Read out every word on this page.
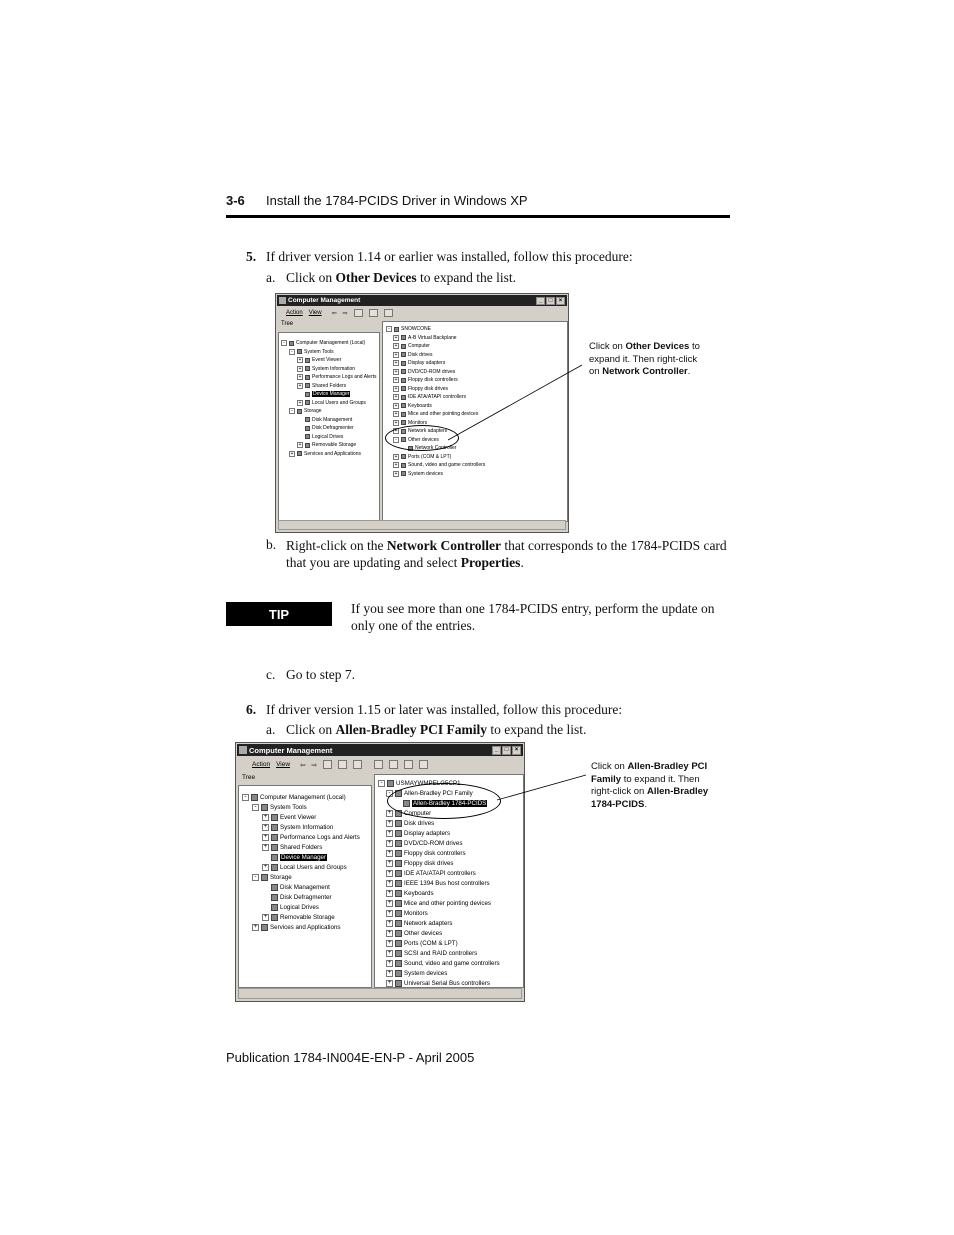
3-6 Install the 1784-PCIDS Driver in Windows XP
5. If driver version 1.14 or earlier was installed, follow this procedure:
a. Click on Other Devices to expand the list.
Computer Management	_	□	×
Action View ⇦ ⇨
Tree
-	Computer Management (Local)
-	System Tools
+	Event Viewer
+	System Information
+	Performance Logs and Alerts
+	Shared Folders
Device Manager
+	Local Users and Groups
-	Storage
Disk Management
Disk Defragmenter
Logical Drives
+	Removable Storage
+	Services and Applications
-	SNOWCONE
+	A-B Virtual Backplane
+	Computer
+	Disk drives
+	Display adapters
+	DVD/CD-ROM drives
+	Floppy disk controllers
+	Floppy disk drives
+	IDE ATA/ATAPI controllers
+	Keyboards
+	Mice and other pointing devices
+	Monitors
+	Network adapters
-	Other devices
Network Controller
+	Ports (COM & LPT)
+	Sound, video and game controllers
+	System devices
Click on Other Devices to
expand it. Then right-click
on Network Controller.
b. Right-click on the Network Controller that corresponds to the 1784-PCIDS card
that you are updating and select Properties.
TIP	If you see more than one 1784-PCIDS entry, perform the update on
only one of the entries.
c. Go to step 7.
6. If driver version 1.15 or later was installed, follow this procedure:
a. Click on Allen-Bradley PCI Family to expand the list.
Computer Management	_	□	×
Action View ⇦ ⇨
Tree
-	Computer Management (Local)
-	System Tools
+ Event Viewer
+ System Information
+ Performance Logs and Alerts
+ Shared Folders
Device Manager
+ Local Users and Groups
-	Storage
Disk Management
Disk Defragmenter
Logical Drives
+ Removable Storage
+ Services and Applications
-	USMAYWMPELG5CP1
-	Allen-Bradley PCI Family
Allen-Bradley 1784-PCIDS
+ Computer
+ Disk drives
+ Display adapters
+ DVD/CD-ROM drives
+ Floppy disk controllers
+ Floppy disk drives
+ IDE ATA/ATAPI controllers
+ IEEE 1394 Bus host controllers
+ Keyboards
+ Mice and other pointing devices
+ Monitors
+ Network adapters
+ Other devices
+ Ports (COM & LPT)
+ SCSI and RAID controllers
+ Sound, video and game controllers
+ System devices
+ Universal Serial Bus controllers
Click on Allen-Bradley PCI
Family to expand it. Then
right-click on Allen-Bradley
1784-PCIDS.
Publication 1784-IN004E-EN-P - April 2005
